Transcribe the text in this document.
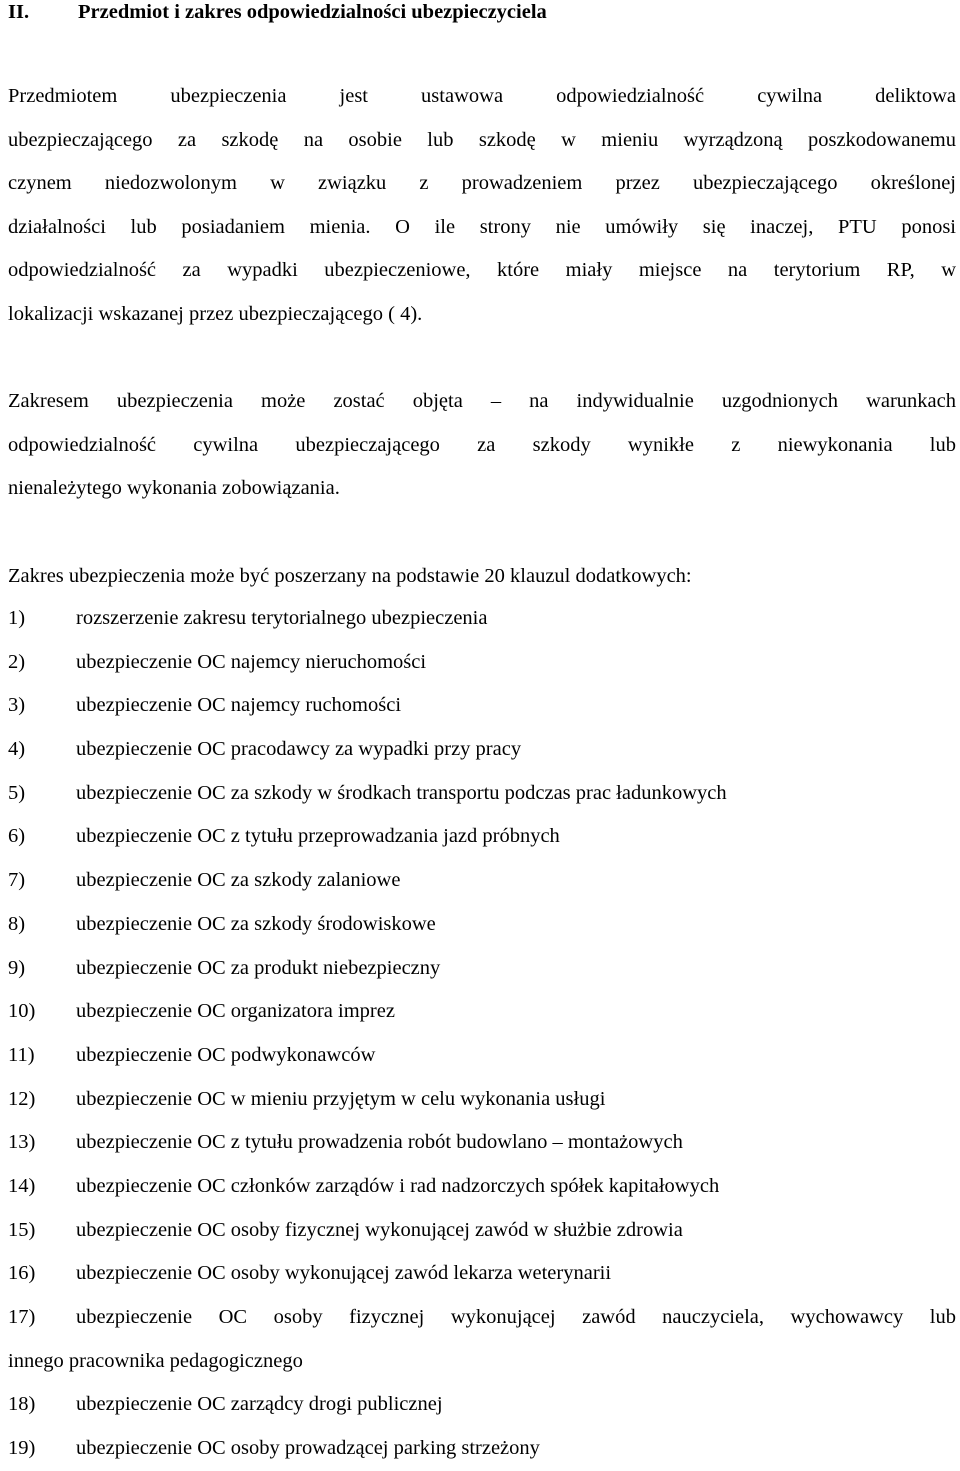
II. Przedmiot i zakres odpowiedzialności ubezpieczyciela
Przedmiotem ubezpieczenia jest ustawowa odpowiedzialność cywilna deliktowa
ubezpieczającego za szkodę na osobie lub szkodę w mieniu wyrządzoną poszkodowanemu
czynem niedozwolonym w związku z prowadzeniem przez ubezpieczającego określonej
działalności lub posiadaniem mienia. O ile strony nie umówiły się inaczej, PTU ponosi
odpowiedzialność za wypadki ubezpieczeniowe, które miały miejsce na terytorium RP, w
lokalizacji wskazanej przez ubezpieczającego ( 4).
Zakresem ubezpieczenia może zostać objęta – na indywidualnie uzgodnionych warunkach
odpowiedzialność cywilna ubezpieczającego za szkody wynikłe z niewykonania lub
nienależytego wykonania zobowiązania.
Zakres ubezpieczenia może być poszerzany na podstawie 20 klauzul dodatkowych:
1) rozszerzenie zakresu terytorialnego ubezpieczenia
2) ubezpieczenie OC najemcy nieruchomości
3) ubezpieczenie OC najemcy ruchomości
4) ubezpieczenie OC pracodawcy za wypadki przy pracy
5) ubezpieczenie OC za szkody w środkach transportu podczas prac ładunkowych
6) ubezpieczenie OC z tytułu przeprowadzania jazd próbnych
7) ubezpieczenie OC za szkody zalaniowe
8) ubezpieczenie OC za szkody środowiskowe
9) ubezpieczenie OC za produkt niebezpieczny
10) ubezpieczenie OC organizatora imprez
11) ubezpieczenie OC podwykonawców
12) ubezpieczenie OC w mieniu przyjętym w celu wykonania usługi
13) ubezpieczenie OC z tytułu prowadzenia robót budowlano – montażowych
14) ubezpieczenie OC członków zarządów i rad nadzorczych spółek kapitałowych
15) ubezpieczenie OC osoby fizycznej wykonującej zawód w służbie zdrowia
16) ubezpieczenie OC osoby wykonującej zawód lekarza weterynarii
17) ubezpieczenie OC osoby fizycznej wykonującej zawód nauczyciela, wychowawcy lub
innego pracownika pedagogicznego
18) ubezpieczenie OC zarządcy drogi publicznej
19) ubezpieczenie OC osoby prowadzącej parking strzeżony
